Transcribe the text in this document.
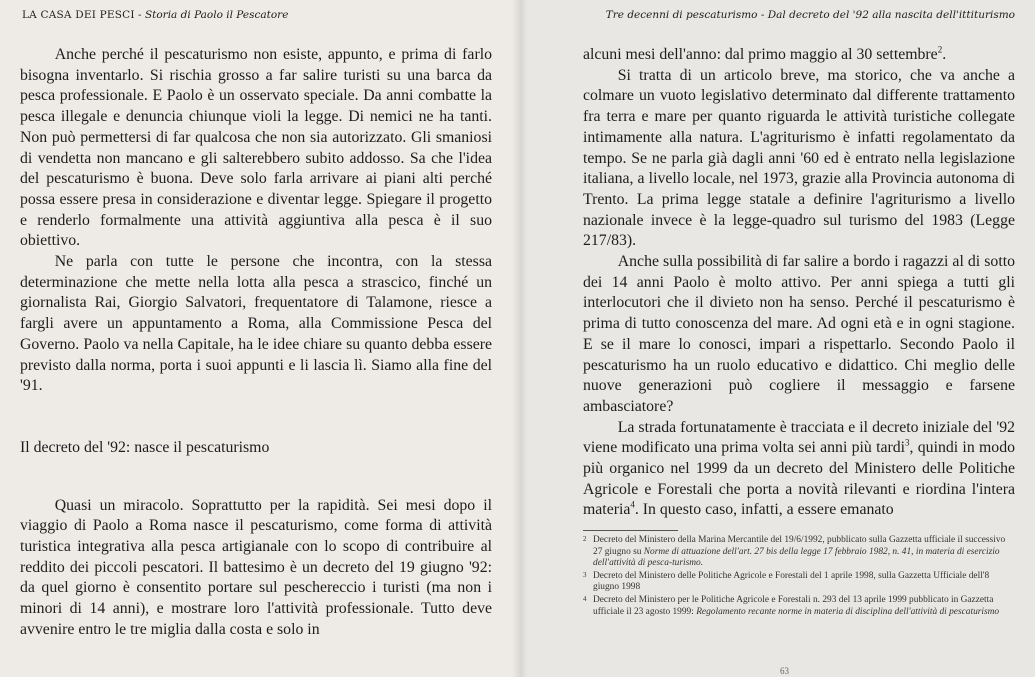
LA CASA DEI PESCI - Storia di Paolo il Pescatore	Tre decenni di pescaturismo - Dal decreto del '92 alla nascita dell'ittiturismo

Anche perché il pescaturismo non esiste, appunto, e prima di farlo bisogna inventarlo. Si rischia grosso a far salire turisti su una barca da pesca professionale. E Paolo è un osservato speciale. Da anni combatte la pesca illegale e denuncia chiunque violi la legge. Di nemici ne ha tanti. Non può permettersi di far qualcosa che non sia autorizzato. Gli smaniosi di vendetta non mancano e gli salterebbero subito addosso. Sa che l'idea del pescaturismo è buona. Deve solo farla arrivare ai piani alti perché possa essere presa in considerazione e diventar legge. Spiegare il progetto e renderlo formalmente una attività aggiuntiva alla pesca è il suo obiettivo.

Ne parla con tutte le persone che incontra, con la stessa determinazione che mette nella lotta alla pesca a strascico, finché un giornalista Rai, Giorgio Salvatori, frequentatore di Talamone, riesce a fargli avere un appuntamento a Roma, alla Commissione Pesca del Governo. Paolo va nella Capitale, ha le idee chiare su quanto debba essere previsto dalla norma, porta i suoi appunti e li lascia lì. Siamo alla fine del '91.

Il decreto del '92: nasce il pescaturismo

Quasi un miracolo. Soprattutto per la rapidità. Sei mesi dopo il viaggio di Paolo a Roma nasce il pescaturismo, come forma di attività turistica integrativa alla pesca artigianale con lo scopo di contribuire al reddito dei piccoli pescatori. Il battesimo è un decreto del 19 giugno '92: da quel giorno è consentito portare sul peschereccio i turisti (ma non i minori di 14 anni), e mostrare loro l'attività professionale. Tutto deve avvenire entro le tre miglia dalla costa e solo in

alcuni mesi dell'anno: dal primo maggio al 30 settembre$^2$.

Si tratta di un articolo breve, ma storico, che va anche a colmare un vuoto legislativo determinato dal differente trattamento fra terra e mare per quanto riguarda le attività turistiche collegate intimamente alla natura. L'agriturismo è infatti regolamentato da tempo. Se ne parla già dagli anni '60 ed è entrato nella legislazione italiana, a livello locale, nel 1973, grazie alla Provincia autonoma di Trento. La prima legge statale a definire l'agriturismo a livello nazionale invece è la legge-quadro sul turismo del 1983 (Legge 217/83).

Anche sulla possibilità di far salire a bordo i ragazzi al di sotto dei 14 anni Paolo è molto attivo. Per anni spiega a tutti gli interlocutori che il divieto non ha senso. Perché il pescaturismo è prima di tutto conoscenza del mare. Ad ogni età e in ogni stagione. E se il mare lo conosci, impari a rispettarlo. Secondo Paolo il pescaturismo ha un ruolo educativo e didattico. Chi meglio delle nuove generazioni può cogliere il messaggio e farsene ambasciatore?

La strada fortunatamente è tracciata e il decreto iniziale del '92 viene modificato una prima volta sei anni più tardi$^3$, quindi in modo più organico nel 1999 da un decreto del Ministero delle Politiche Agricole e Forestali che porta a novità rilevanti e riordina l'intera materia$^4$. In questo caso, infatti, a essere emanato

2 Decreto del Ministero della Marina Mercantile del 19/6/1992, pubblicato sulla Gazzetta ufficiale il successivo 27 giugno su Norme di attuazione dell'art. 27 bis della legge 17 febbraio 1982, n. 41, in materia di esercizio dell'attività di pesca-turismo.
3 Decreto del Ministero delle Politiche Agricole e Forestali del 1 aprile 1998, sulla Gazzetta Ufficiale dell'8 giugno 1998
4 Decreto del Ministero per le Politiche Agricole e Forestali n. 293 del 13 aprile 1999 pubblicato in Gazzetta ufficiale il 23 agosto 1999: Regolamento recante norme in materia di disciplina dell'attività di pescaturismo
63
